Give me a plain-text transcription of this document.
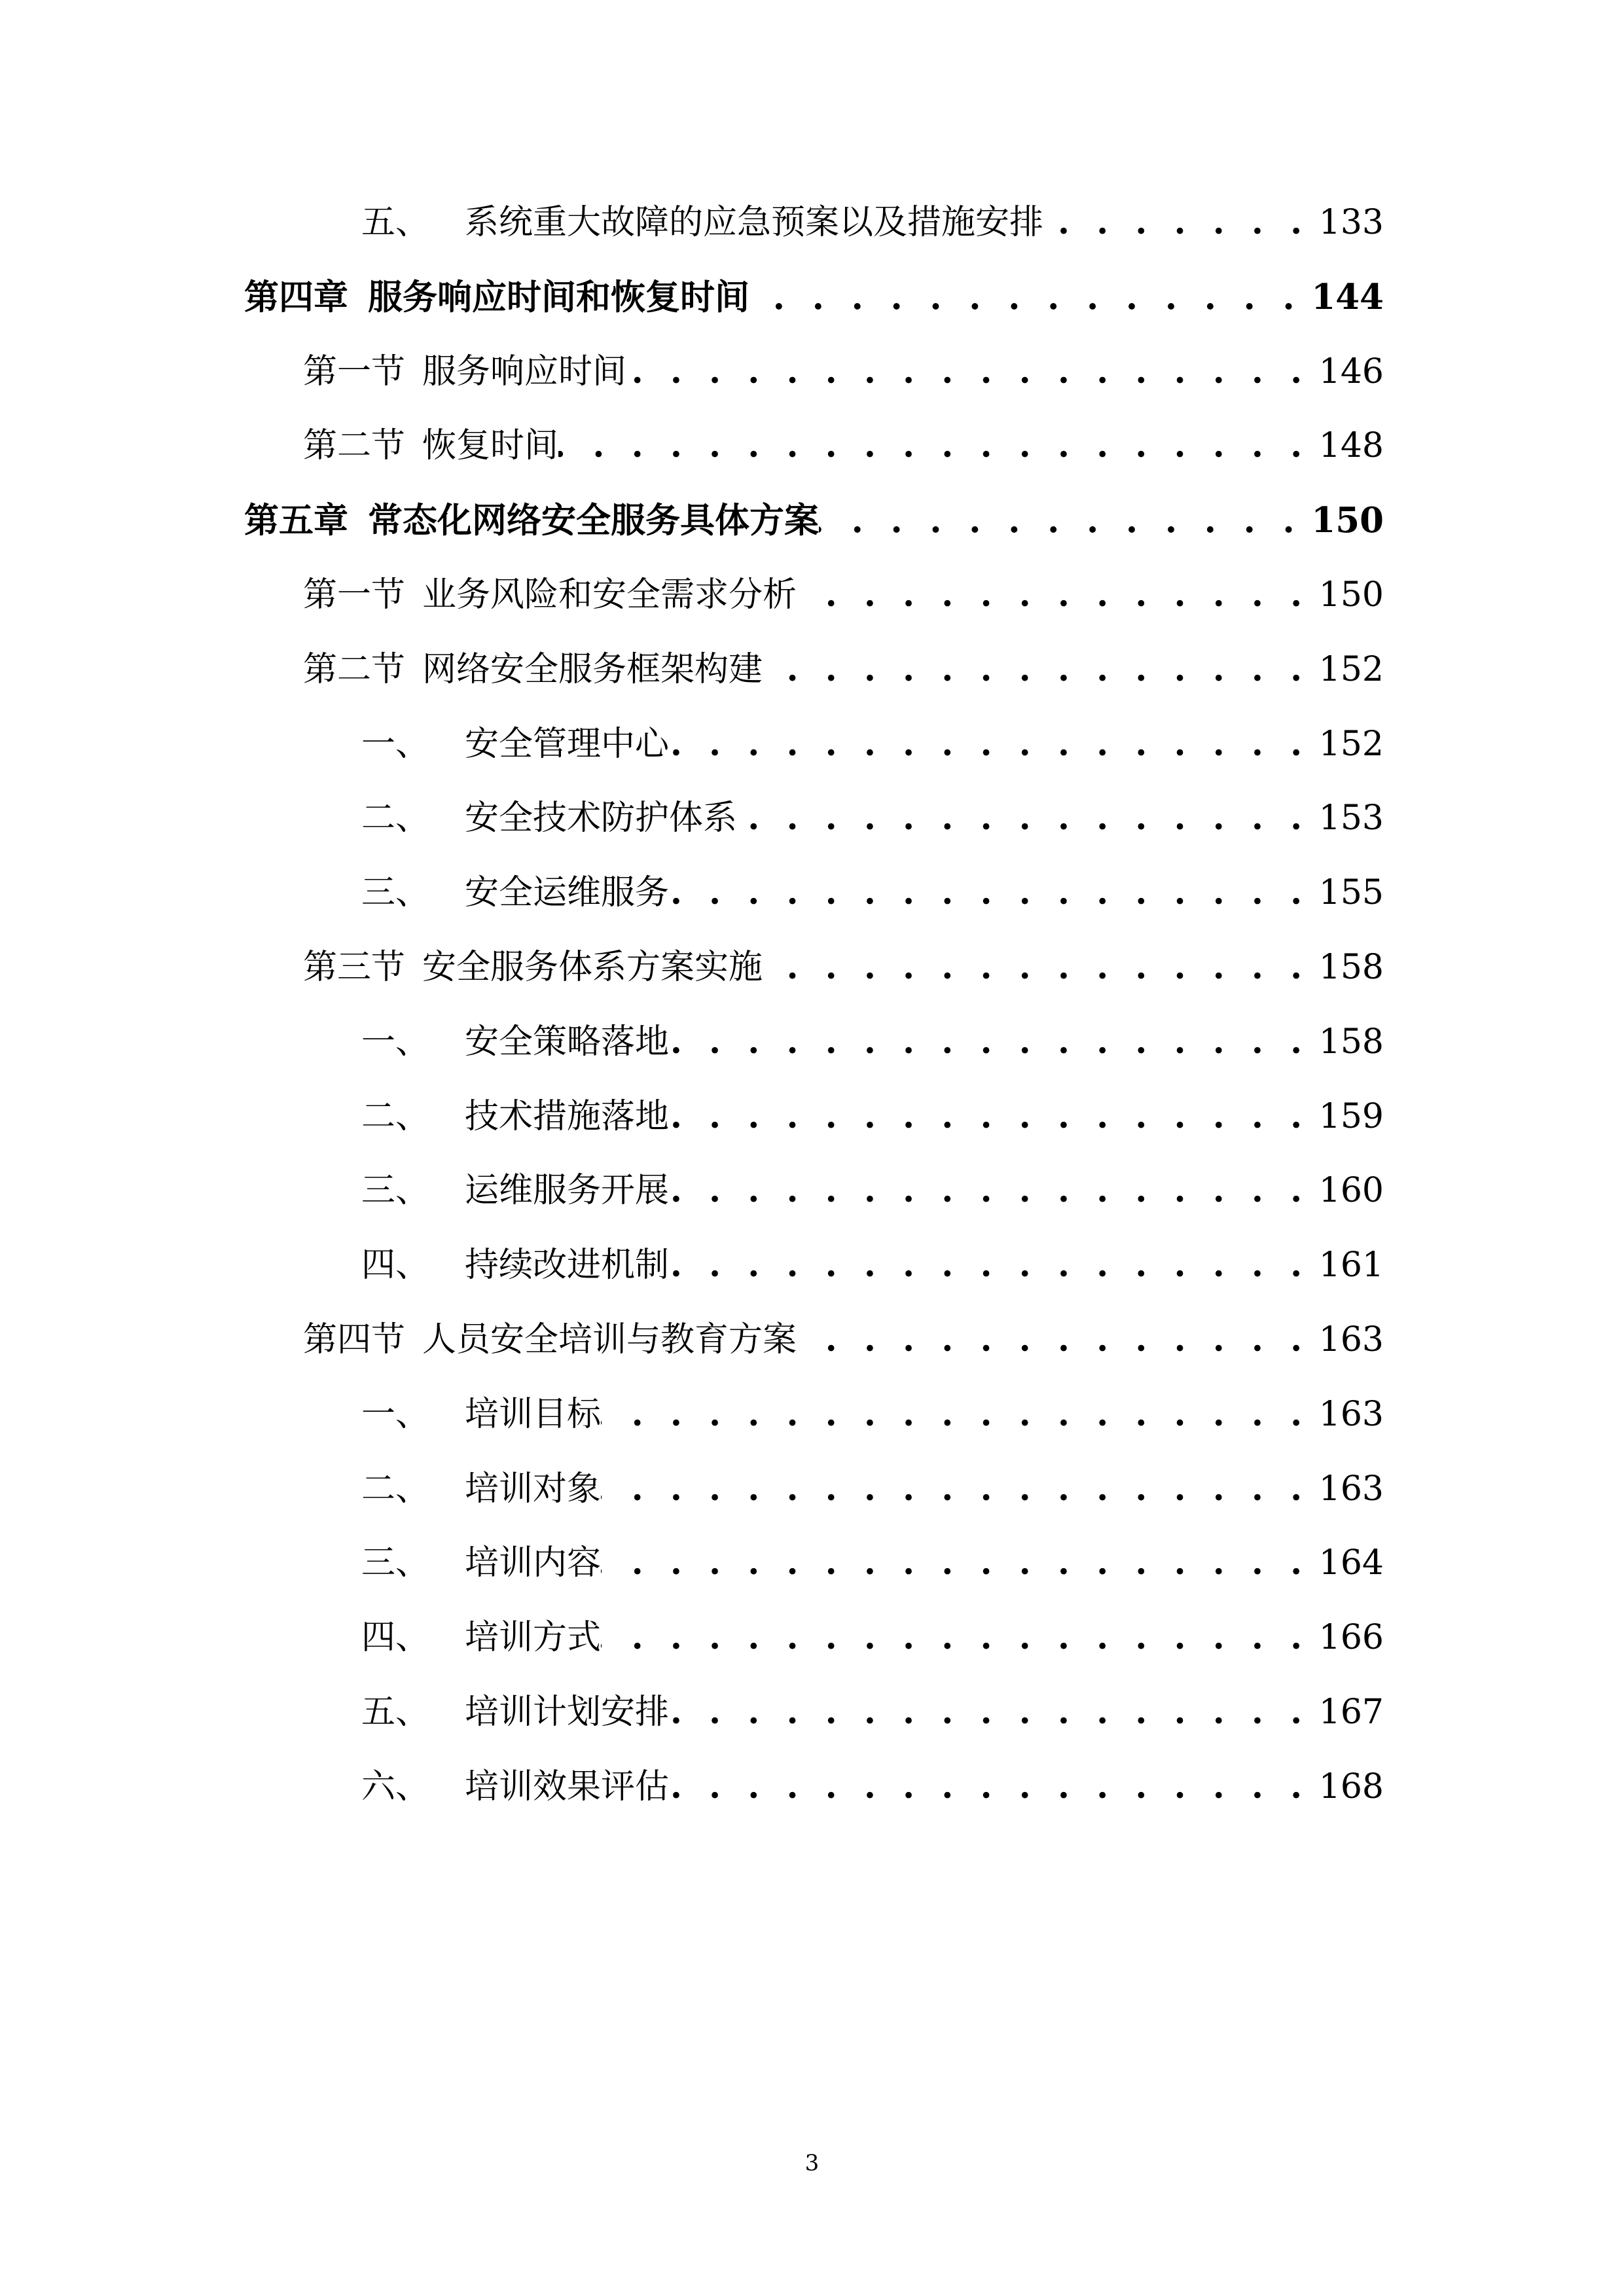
五、 系统重大故障的应急预案以及措施安排 . . .	133
第四章 服务响应时间和恢复时间 . . .	144
第一节 服务响应时间 . . .	146
第二节 恢复时间 . . .	148
第五章 常态化网络安全服务具体方案 . . .	150
第一节 业务风险和安全需求分析 . . .	150
第二节 网络安全服务框架构建 . . .	152
一、 安全管理中心 . . .	152
二、 安全技术防护体系 . . .	153
三、 安全运维服务 . . .	155
第三节 安全服务体系方案实施 . . .	158
一、 安全策略落地 . . .	158
二、 技术措施落地 . . .	159
三、 运维服务开展 . . .	160
四、 持续改进机制 . . .	161
第四节 人员安全培训与教育方案 . . .	163
一、 培训目标 . . .	163
二、 培训对象 . . .	163
三、 培训内容 . . .	164
四、 培训方式 . . .	166
五、 培训计划安排 . . .	167
六、 培训效果评估 . . .	168
3
